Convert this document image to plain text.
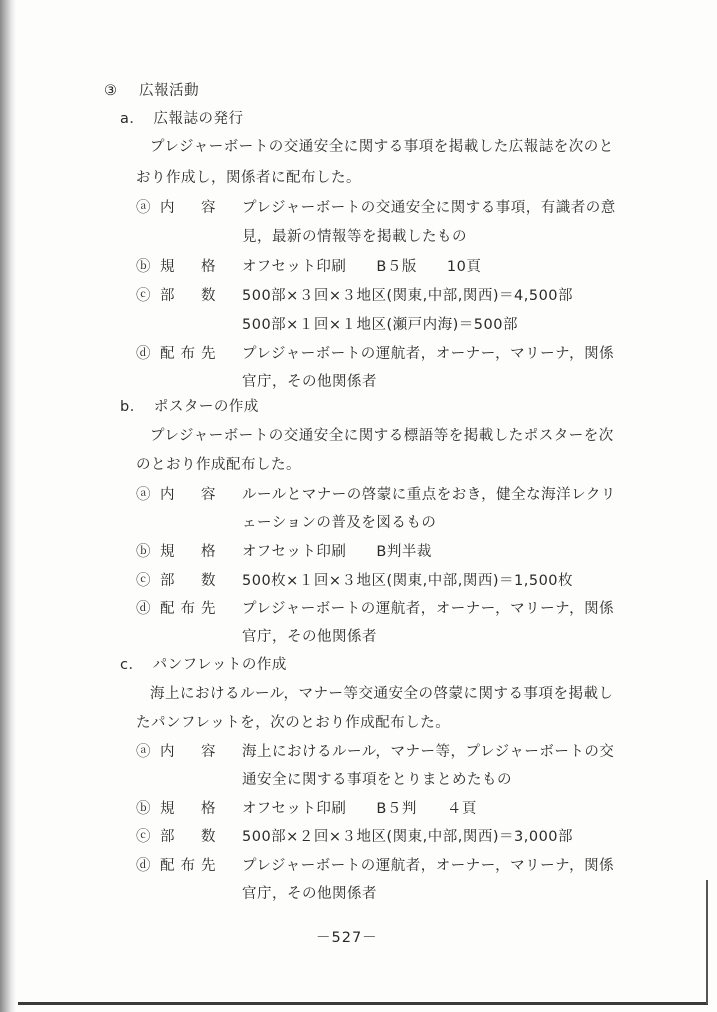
③ 広報活動
a． 広報誌の発行
プレジャーボートの交通安全に関する事項を掲載した広報誌を次のと
おり作成し，関係者に配布した。
ⓐ 内　容 プレジャーボートの交通安全に関する事項，有識者の意
見，最新の情報等を掲載したもの
ⓑ 規　格 オフセット印刷　　B５版　　10頁
ⓒ 部　数 500部×３回×３地区(関東,中部,関西)＝4,500部
500部×１回×１地区(瀬戸内海)＝500部
ⓓ 配布先 プレジャーボートの運航者，オーナー，マリーナ，関係
官庁，その他関係者
b． ポスターの作成
プレジャーボートの交通安全に関する標語等を掲載したポスターを次
のとおり作成配布した。
ⓐ 内　容 ルールとマナーの啓蒙に重点をおき，健全な海洋レクリ
ェーションの普及を図るもの
ⓑ 規　格 オフセット印刷　　B判半裁
ⓒ 部　数 500枚×１回×３地区(関東,中部,関西)＝1,500枚
ⓓ 配布先 プレジャーボートの運航者，オーナー，マリーナ，関係
官庁，その他関係者
c． パンフレットの作成
海上におけるルール，マナー等交通安全の啓蒙に関する事項を掲載し
たパンフレットを，次のとおり作成配布した。
ⓐ 内　容 海上におけるルール，マナー等，プレジャーボートの交
通安全に関する事項をとりまとめたもの
ⓑ 規　格 オフセット印刷　　B５判　　４頁
ⓒ 部　数 500部×２回×３地区(関東,中部,関西)＝3,000部
ⓓ 配布先 プレジャーボートの運航者，オーナー，マリーナ，関係
官庁，その他関係者
－527－
